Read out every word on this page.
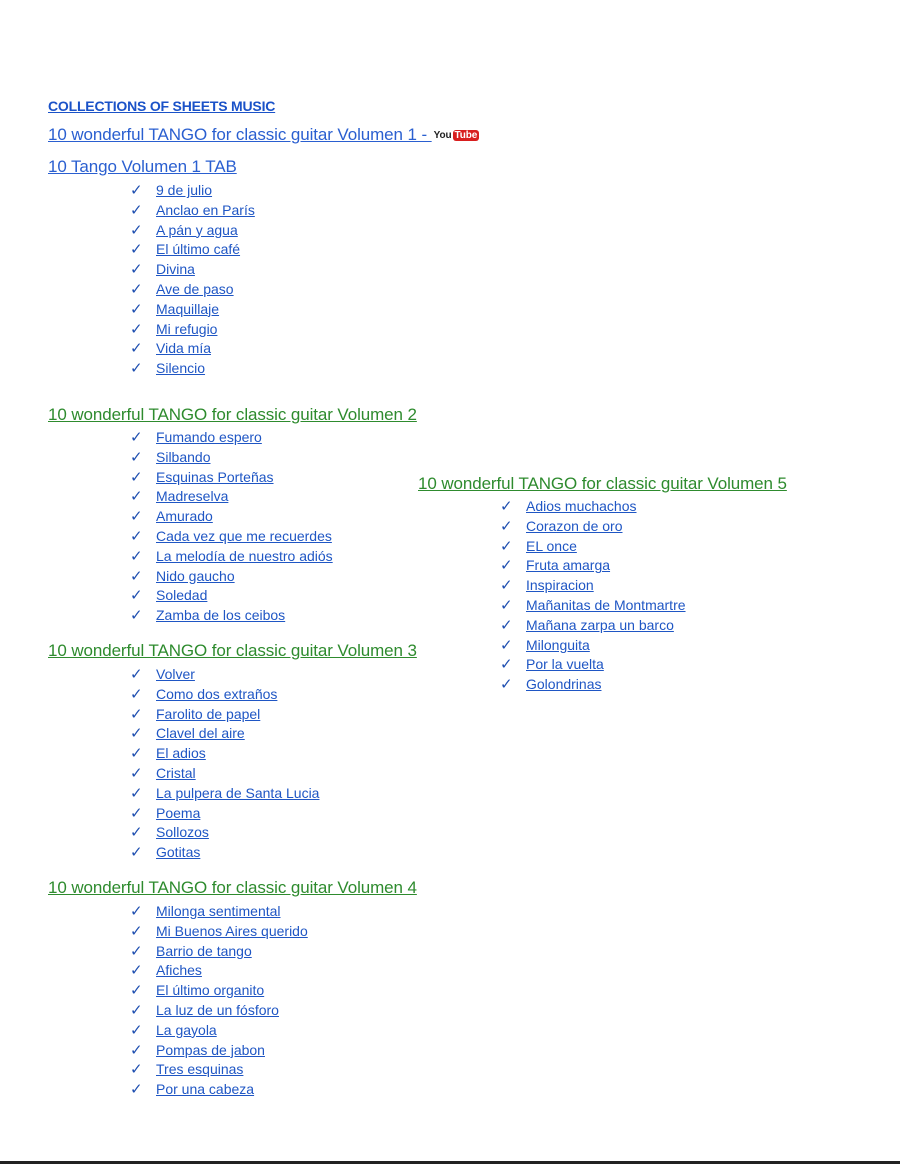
COLLECTIONS OF SHEETS MUSIC
10 wonderful TANGO for classic guitar Volumen 1 - You Tube
10 Tango Volumen 1 TAB
✓ 9 de julio
✓ Anclao en París
✓ A pán y agua
✓ El último café
✓ Divina
✓ Ave de paso
✓ Maquillaje
✓ Mi refugio
✓ Vida mía
✓ Silencio
10 wonderful TANGO for classic guitar Volumen 2
✓ Fumando espero
✓ Silbando
✓ Esquinas Porteñas
✓ Madreselva
✓ Amurado
✓ Cada vez que me recuerdes
✓ La melodía de nuestro adiós
✓ Nido gaucho
✓ Soledad
✓ Zamba de los ceibos
10 wonderful TANGO for classic guitar Volumen 3
✓ Volver
✓ Como dos extraños
✓ Farolito de papel
✓ Clavel del aire
✓ El adios
✓ Cristal
✓ La pulpera de Santa Lucia
✓ Poema
✓ Sollozos
✓ Gotitas
10 wonderful TANGO for classic guitar Volumen 4
✓ Milonga sentimental
✓ Mi Buenos Aires querido
✓ Barrio de tango
✓ Afiches
✓ El último organito
✓ La luz de un fósforo
✓ La gayola
✓ Pompas de jabon
✓ Tres esquinas
✓ Por una cabeza
10 wonderful TANGO for classic guitar Volumen 5
✓ Adios muchachos
✓ Corazon de oro
✓ EL once
✓ Fruta amarga
✓ Inspiracion
✓ Mañanitas de Montmartre
✓ Mañana zarpa un barco
✓ Milonguita
✓ Por la vuelta
✓ Golondrinas
